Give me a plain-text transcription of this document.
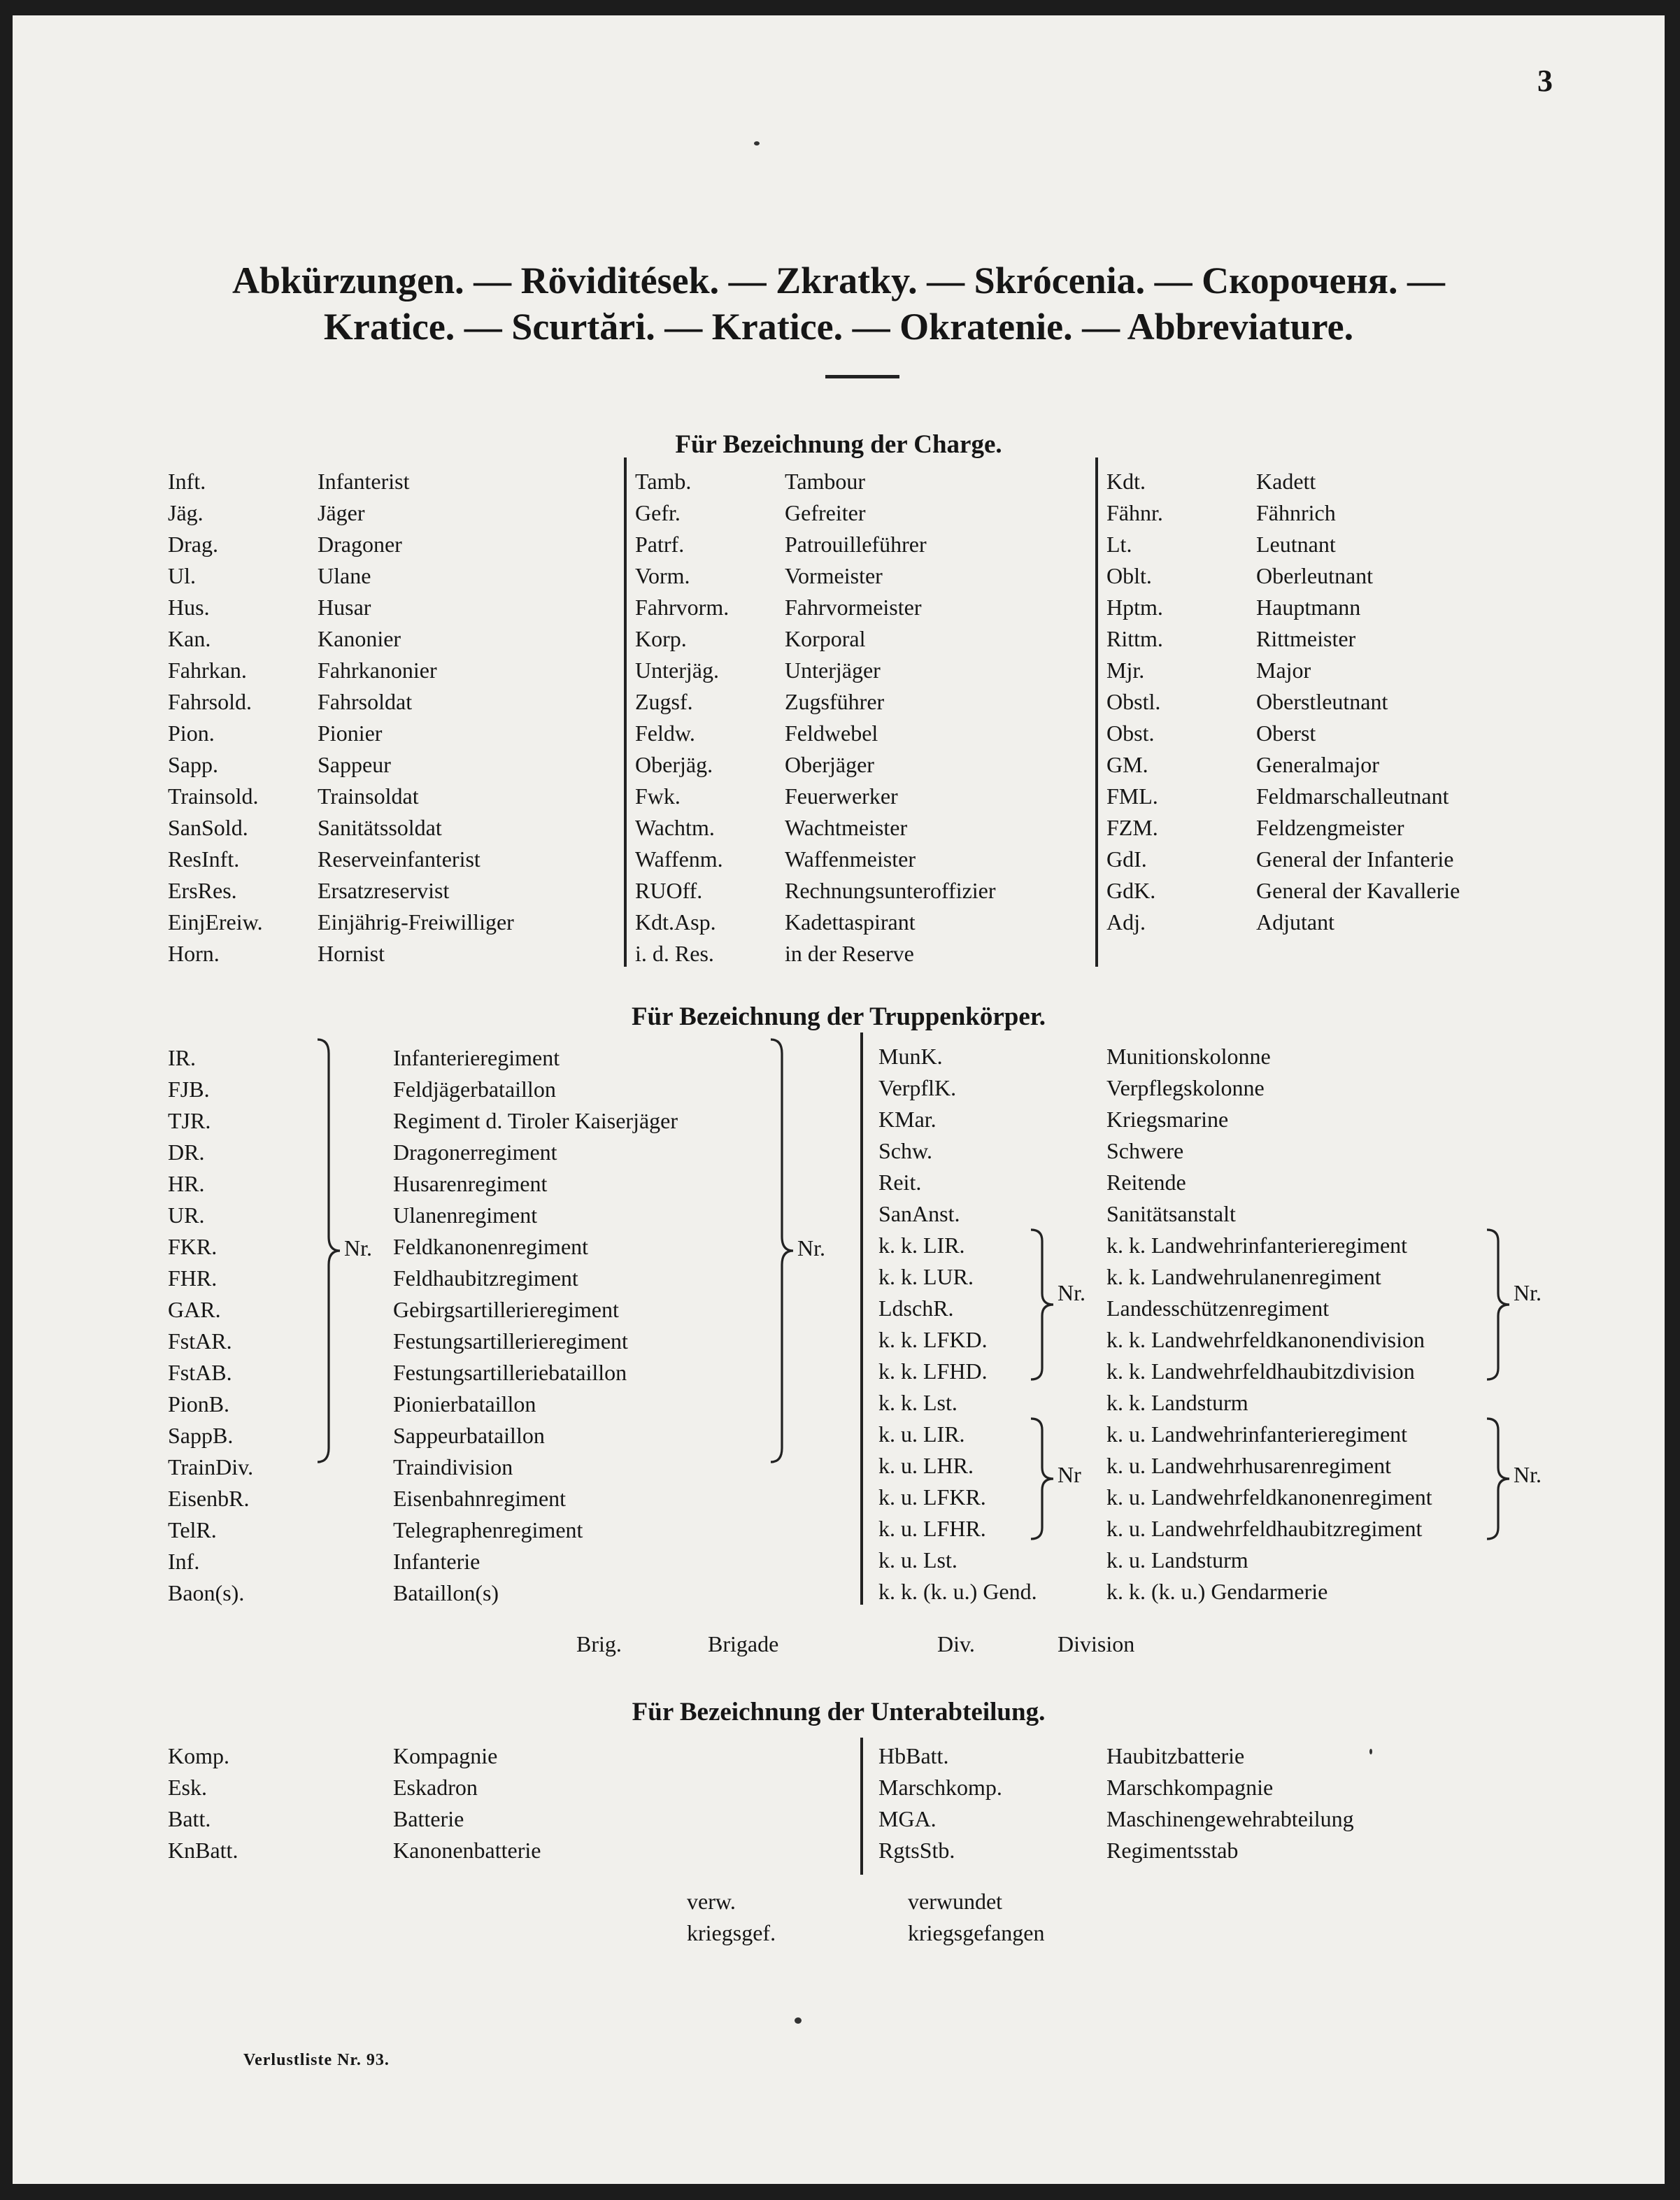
3
Abkürzungen. — Röviditések. — Zkratky. — Skrócenia. — Скороченя. —
Kratice. — Scurtări. — Kratice. — Okratenie. — Abbreviature.
Für Bezeichnung der Charge.
Inft.	Infanterist
Jäg.	Jäger
Drag.	Dragoner
Ul.	Ulane
Hus.	Husar
Kan.	Kanonier
Fahrkan.	Fahrkanonier
Fahrsold.	Fahrsoldat
Pion.	Pionier
Sapp.	Sappeur
Trainsold.	Trainsoldat
SanSold.	Sanitätssoldat
ResInft.	Reserveinfanterist
ErsRes.	Ersatzreservist
EinjEreiw. Einjährig-Freiwilliger
Horn.	Hornist
Tamb.	Tambour
Gefr.	Gefreiter
Patrf.	Patrouilleführer
Vorm.	Vormeister
Fahrvorm. Fahrvormeister
Korp.	Korporal
Unterjäg.	Unterjäger
Zugsf.	Zugsführer
Feldw.	Feldwebel
Oberjäg.	Oberjäger
Fwk.	Feuerwerker
Wachtm.	Wachtmeister
Waffenm.	Waffenmeister
RUOff.	Rechnungsunteroffizier
Kdt.Asp.	Kadettaspirant
i. d. Res.	in der Reserve
Kdt.	Kadett
Fähnr.	Fähnrich
Lt.	Leutnant
Oblt.	Oberleutnant
Hptm.	Hauptmann
Rittm.	Rittmeister
Mjr.	Major
Obstl.	Oberstleutnant
Obst.	Oberst
GM.	Generalmajor
FML.	Feldmarschalleutnant
FZM.	Feldzengmeister
GdI.	General der Infanterie
GdK.	General der Kavallerie
Adj.	Adjutant
Für Bezeichnung der Truppenkörper.
IR.	Infanterieregiment
FJB.	Feldjägerbataillon
TJR.	Regiment d. Tiroler Kaiserjäger
DR.	Dragonerregiment
HR.	Husarenregiment
UR.	Ulanenregiment
FKR.	Feldkanonenregiment
FHR.	Feldhaubitzregiment
GAR.	Gebirgsartillerieregiment
FstAR.	Festungsartillerieregiment
FstAB.	Festungsartilleriebataillon
PionB.	Pionierbataillon
SappB.	Sappeurbataillon
TrainDiv.	Traindivision
EisenbR.	Eisenbahnregiment
TelR.	Telegraphenregiment
Inf.	Infanterie
Baon(s).	Bataillon(s)
MunK.	Munitionskolonne
VerpflK.	Verpflegskolonne
KMar.	Kriegsmarine
Schw.	Schwere
Reit.	Reitende
SanAnst.	Sanitätsanstalt
k. k. LIR.	k. k. Landwehrinfanterieregiment
k. k. LUR.	k. k. Landwehrulanenregiment
LdschR.	Landesschützenregiment
k. k. LFKD.	k. k. Landwehrfeldkanonendivision
k. k. LFHD.	k. k. Landwehrfeldhaubitzdivision
k. k. Lst.	k. k. Landsturm
k. u. LIR.	k. u. Landwehrinfanterieregiment
k. u. LHR.	k. u. Landwehrhusarenregiment
k. u. LFKR.	k. u. Landwehrfeldkanonenregiment
k. u. LFHR.	k. u. Landwehrfeldhaubitzregiment
k. u. Lst.	k. u. Landsturm
k. k. (k. u.) Gend.	k. k. (k. u.) Gendarmerie
Nr.	Nr.
Nr.	Nr.
Nr	Nr.
Brig.	Brigade	Div.	Division
Für Bezeichnung der Unterabteilung.
Komp.	Kompagnie
Esk.	Eskadron
Batt.	Batterie
KnBatt.	Kanonenbatterie
HbBatt.	Haubitzbatterie
Marschkomp.	Marschkompagnie
MGA.	Maschinengewehrabteilung
RgtsStb.	Regimentsstab
verw.	verwundet
kriegsgef.	kriegsgefangen
Verlustliste Nr. 93.
